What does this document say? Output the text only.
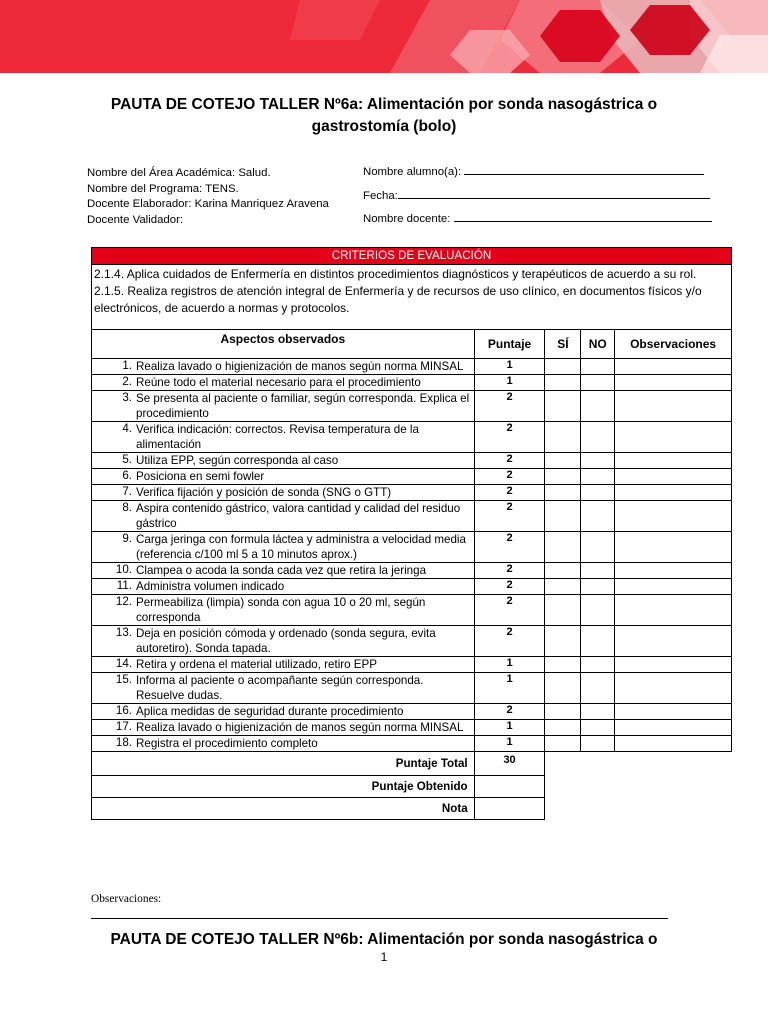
PAUTA DE COTEJO TALLER Nº6a: Alimentación por sonda nasogástrica o
gastrostomía (bolo)
Nombre del Área Académica: Salud.
Nombre del Programa: TENS.
Docente Elaborador: Karina Manriquez Aravena
Docente Validador:
Nombre alumno(a):
Fecha:
Nombre docente:
CRITERIOS DE EVALUACIÓN				

2.1.4. Aplica cuidados de Enfermería en distintos procedimientos diagnósticos y terapéuticos de acuerdo a su rol.
2.1.5. Realiza registros de atención integral de Enfermería y de recursos de uso clínico, en documentos físicos y/o electrónicos, de acuerdo a normas y protocolos.				

Aspectos observados	Puntaje	SÍ	NO	Observaciones
1. Realiza lavado o higienización de manos según norma MINSAL	1			
2. Reúne todo el material necesario para el procedimiento	1			
3. Se presenta al paciente o familiar, según corresponda. Explica el procedimiento	2			
4. Verifica indicación: correctos. Revisa temperatura de la alimentación	2			
5. Utiliza EPP, según corresponda al caso	2			
6. Posiciona en semi fowler	2			
7. Verifica fijación y posición de sonda (SNG o GTT)	2			
8. Aspira contenido gástrico, valora cantidad y calidad del residuo gástrico	2			
9. Carga jeringa con formula láctea y administra a velocidad media (referencia c/100 ml 5 a 10 minutos aprox.)	2			
10. Clampea o acoda la sonda cada vez que retira la jeringa	2			
11. Administra volumen indicado	2			
12. Permeabiliza (limpia) sonda con agua 10 o 20 ml, según corresponda	2			
13. Deja en posición cómoda y ordenado (sonda segura, evita autoretiro). Sonda tapada.	2			
14. Retira y ordena el material utilizado, retiro EPP	1			
15. Informa al paciente o acompañante según corresponda. Resuelve dudas.	1			
16. Aplica medidas de seguridad durante procedimiento	2			
17. Realiza lavado o higienización de manos según norma MINSAL	1			
18. Registra el procedimiento completo	1			
Puntaje Total	30			
Puntaje Obtenido				
Nota				
Observaciones:
PAUTA DE COTEJO TALLER Nº6b: Alimentación por sonda nasogástrica o
1
